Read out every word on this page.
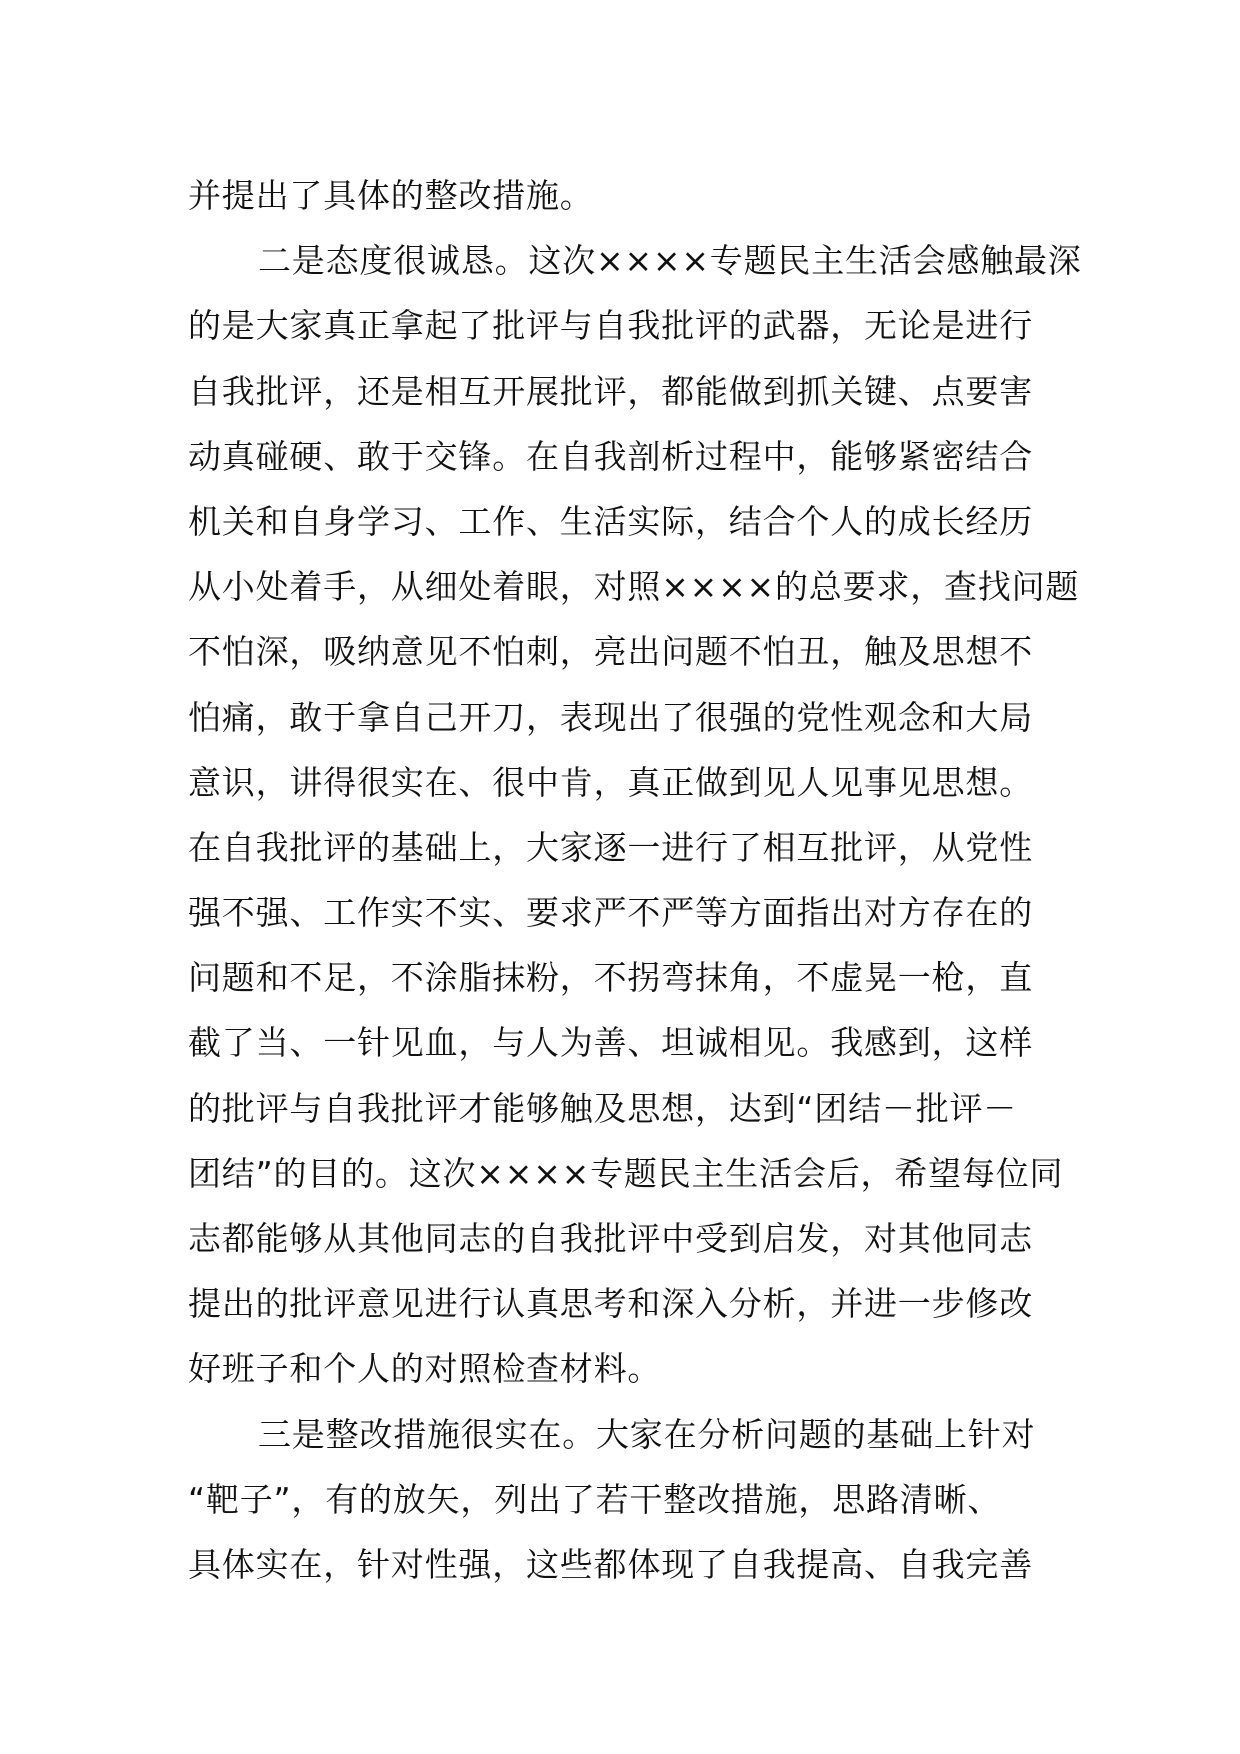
并提出了具体的整改措施。
二是态度很诚恳。这次××××专题民主生活会感触最深
的是大家真正拿起了批评与自我批评的武器，无论是进行
自我批评，还是相互开展批评，都能做到抓关键、点要害
动真碰硬、敢于交锋。在自我剖析过程中，能够紧密结合
机关和自身学习、工作、生活实际，结合个人的成长经历
从小处着手，从细处着眼，对照××××的总要求，查找问题
不怕深，吸纳意见不怕刺，亮出问题不怕丑，触及思想不
怕痛，敢于拿自己开刀，表现出了很强的党性观念和大局
意识，讲得很实在、很中肯，真正做到见人见事见思想。
在自我批评的基础上，大家逐一进行了相互批评，从党性
强不强、工作实不实、要求严不严等方面指出对方存在的
问题和不足，不涂脂抹粉，不拐弯抹角，不虚晃一枪，直
截了当、一针见血，与人为善、坦诚相见。我感到，这样
的批评与自我批评才能够触及思想，达到“团结－批评－
团结”的目的。这次××××专题民主生活会后，希望每位同
志都能够从其他同志的自我批评中受到启发，对其他同志
提出的批评意见进行认真思考和深入分析，并进一步修改
好班子和个人的对照检查材料。
三是整改措施很实在。大家在分析问题的基础上针对
“靶子”，有的放矢，列出了若干整改措施，思路清晰、
具体实在，针对性强，这些都体现了自我提高、自我完善
